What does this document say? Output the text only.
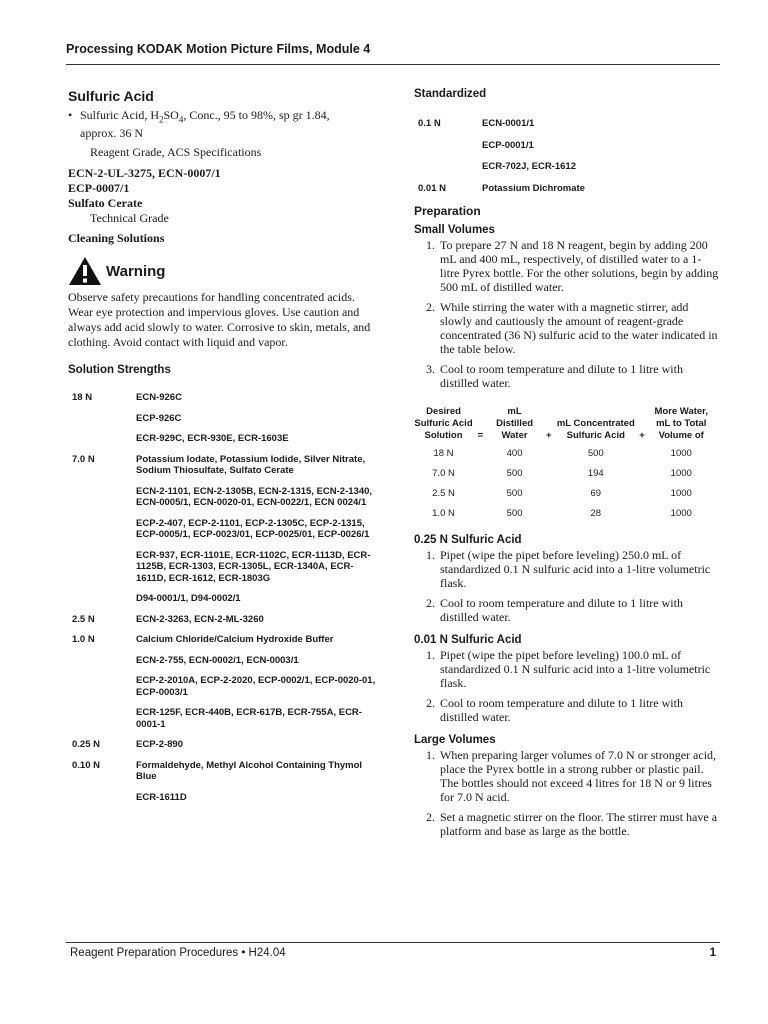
Processing KODAK Motion Picture Films, Module 4
Sulfuric Acid
• Sulfuric Acid, $H_2SO_4$, Conc., 95 to 98%, sp gr 1.84,
approx. 36 N
Reagent Grade, ACS Specifications
ECN-2-UL-3275, ECN-0007/1
ECP-0007/1
Sulfato Cerate
Technical Grade
Cleaning Solutions
Warning
Observe safety precautions for handling concentrated acids. Wear eye protection and impervious gloves. Use caution and always add acid slowly to water. Corrosive to skin, metals, and clothing. Avoid contact with liquid and vapor.
Solution Strengths
18 N	ECN-926C
ECP-926C
ECR-929C, ECR-930E, ECR-1603E
7.0 N	Potassium Iodate, Potassium Iodide, Silver Nitrate, Sodium Thiosulfate, Sulfato Cerate
ECN-2-1101, ECN-2-1305B, ECN-2-1315, ECN-2-1340, ECN-0005/1, ECN-0020-01, ECN-0022/1, ECN 0024/1
ECP-2-407, ECP-2-1101, ECP-2-1305C, ECP-2-1315, ECP-0005/1, ECP-0023/01, ECP-0025/01, ECP-0026/1
ECR-937, ECR-1101E, ECR-1102C, ECR-1113D, ECR-1125B, ECR-1303, ECR-1305L, ECR-1340A, ECR-1611D, ECR-1612, ECR-1803G
D94-0001/1, D94-0002/1
2.5 N	ECN-2-3263, ECN-2-ML-3260
1.0 N	Calcium Chloride/Calcium Hydroxide Buffer
ECN-2-755, ECN-0002/1, ECN-0003/1
ECP-2-2010A, ECP-2-2020, ECP-0002/1, ECP-0020-01, ECP-0003/1
ECR-125F, ECR-440B, ECR-617B, ECR-755A, ECR-0001-1
0.25 N	ECP-2-890
0.10 N	Formaldehyde, Methyl Alcohol Containing Thymol Blue
ECR-1611D
Standardized
0.1 N	ECN-0001/1
ECP-0001/1
ECR-702J, ECR-1612
0.01 N	Potassium Dichromate
Preparation
Small Volumes
1. To prepare 27 N and 18 N reagent, begin by adding 200 mL and 400 mL, respectively, of distilled water to a 1-litre Pyrex bottle. For the other solutions, begin by adding 500 mL of distilled water.
2. While stirring the water with a magnetic stirrer, add slowly and cautiously the amount of reagent-grade concentrated (36 N) sulfuric acid to the water indicated in the table below.
3. Cool to room temperature and dilute to 1 litre with distilled water.
Desired Sulfuric Acid Solution	=	mL Distilled Water	+	mL Concentrated Sulfuric Acid	+	More Water, mL to Total Volume of
18 N		400		500		1000
7.0 N		500		194		1000
2.5 N		500		69		1000
1.0 N		500		28		1000
0.25 N Sulfuric Acid
1. Pipet (wipe the pipet before leveling) 250.0 mL of standardized 0.1 N sulfuric acid into a 1-litre volumetric flask.
2. Cool to room temperature and dilute to 1 litre with distilled water.
0.01 N Sulfuric Acid
1. Pipet (wipe the pipet before leveling) 100.0 mL of standardized 0.1 N sulfuric acid into a 1-litre volumetric flask.
2. Cool to room temperature and dilute to 1 litre with distilled water.
Large Volumes
1. When preparing larger volumes of 7.0 N or stronger acid, place the Pyrex bottle in a strong rubber or plastic pail. The bottles should not exceed 4 litres for 18 N or 9 litres for 7.0 N acid.
2. Set a magnetic stirrer on the floor. The stirrer must have a platform and base as large as the bottle.
Reagent Preparation Procedures • H24.04	1
